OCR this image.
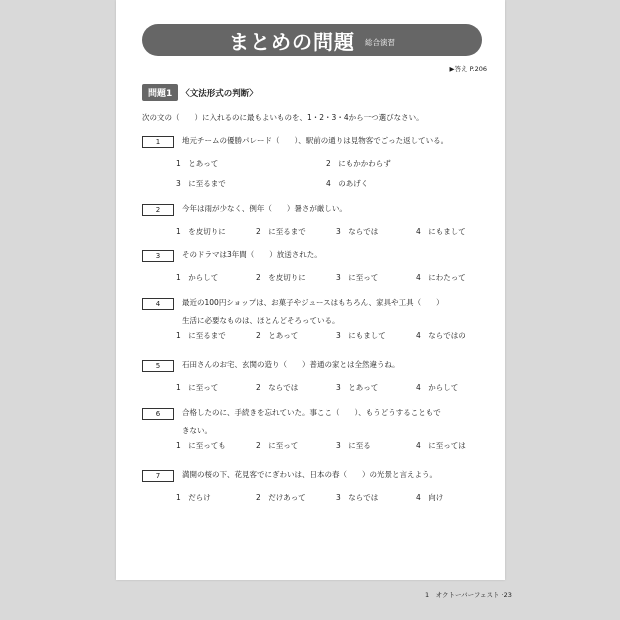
まとめの問題 総合演習
▶答え P.206
問題1	〈文法形式の判断〉
次の文の（　　）に入れるのに最もよいものを、1・2・3・4から一つ選びなさい。
1	地元チームの優勝パレード（　　）、駅前の通りは見物客でごった返している。
1　とあって	2　にもかかわらず
3　に至るまで	4　のあげく
2	今年は雨が少なく、例年（　　）暑さが厳しい。
1　を皮切りに	2　に至るまで	3　ならでは	4　にもまして
3	そのドラマは3年間（　　）放送された。
1　からして	2　を皮切りに	3　に至って	4　にわたって
4	最近の100円ショップは、お菓子やジュースはもちろん、家具や工具（　　）
生活に必要なものは、ほとんどそろっている。
1　に至るまで	2　とあって	3　にもまして	4　ならではの
5	石田さんのお宅、玄関の造り（　　）普通の家とは全然違うね。
1　に至って	2　ならでは	3　とあって	4　からして
6	合格したのに、手続きを忘れていた。事ここ（　　）、もうどうすることもで
きない。
1　に至っても	2　に至って	3　に至る	4　に至っては
7	満開の桜の下、花見客でにぎわいは、日本の春（　　）の光景と言えよう。
1　だらけ	2　だけあって	3　ならでは	4　向け
1　オクトーバーフェスト ·23
